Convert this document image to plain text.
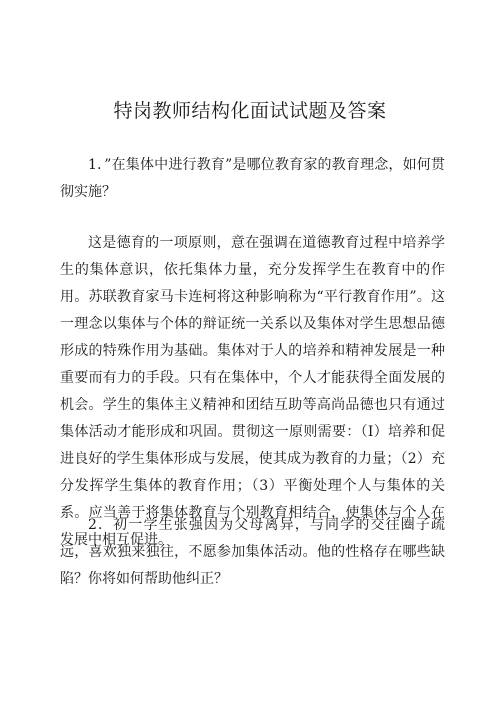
特岗教师结构化面试试题及答案

1．”在集体中进行教育”是哪位教育家的教育理念，如何贯彻实施？

这是德育的一项原则，意在强调在道德教育过程中培养学生的集体意识，依托集体力量，充分发挥学生在教育中的作用。苏联教育家马卡连柯将这种影响称为“平行教育作用”。这一理念以集体与个体的辩证统一关系以及集体对学生思想品德形成的特殊作用为基础。集体对于人的培养和精神发展是一种重要而有力的手段。只有在集体中，个人才能获得全面发展的机会。学生的集体主义精神和团结互助等高尚品德也只有通过集体活动才能形成和巩固。贯彻这一原则需要：（I）培养和促进良好的学生集体形成与发展，使其成为教育的力量；（2）充分发挥学生集体的教育作用；（3）平衡处理个人与集体的关系。应当善于将集体教育与个别教育相结合，使集体与个人在发展中相互促进。

2．初一学生张强因为父母离异，与同学的交往圈子疏远，喜欢独来独往，不愿参加集体活动。他的性格存在哪些缺陷？你将如何帮助他纠正？
